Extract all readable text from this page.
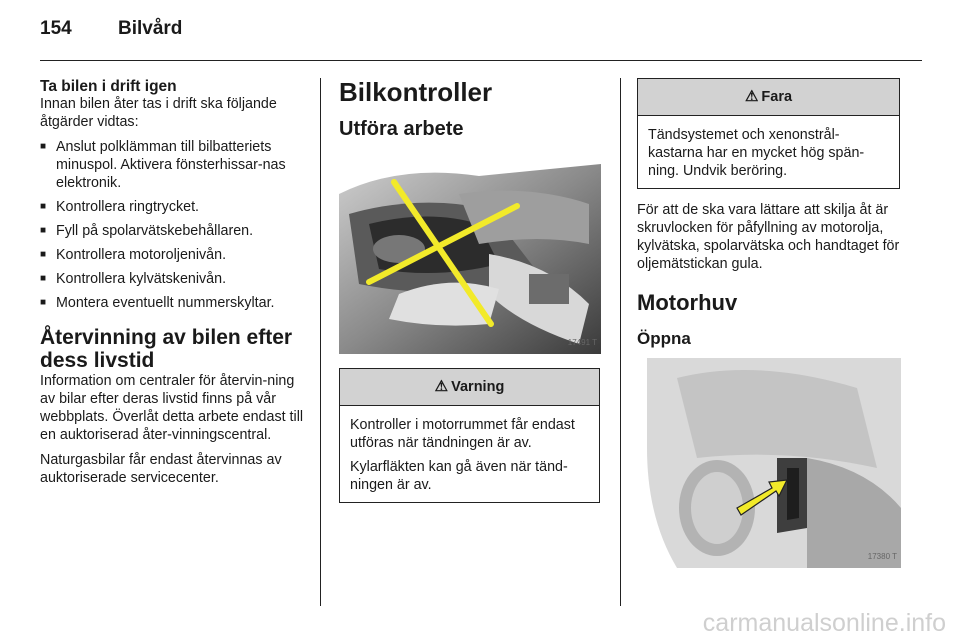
154 Bilvård
Ta bilen i drift igen

Innan bilen åter tas i drift ska följande åtgärder vidtas:

■ Anslut polklämman till bilbatteriets minuspol. Aktivera fönsterhissar-nas elektronik.
■ Kontrollera ringtrycket.
■ Fyll på spolarvätskebehållaren.
■ Kontrollera motoroljenivån.
■ Kontrollera kylvätskenivån.
■ Montera eventuellt nummerskyltar.
Återvinning av bilen efter dess livstid

Information om centraler för återvin-ning av bilar efter deras livstid finns på vår webbplats. Överlåt detta arbete endast till en auktoriserad åter-vinningscentral.

Naturgasbilar får endast återvinnas av auktoriserade servicecenter.

Bilkontroller
Utföra arbete
17491 T
⚠ Varning

Kontroller i motorrummet får endast utföras när tändningen är av.

Kylarfläkten kan gå även när tänd-ningen är av.

⚠ Fara

Tändsystemet och xenonstrål-kastarna har en mycket hög spän-ning. Undvik beröring.

För att de ska vara lättare att skilja åt är skruvlocken för påfyllning av motorolja, kylvätska, spolarvätska och handtaget för oljemätstickan gula.

Motorhuv
Öppna
17380 T
carmanualsonline.info
